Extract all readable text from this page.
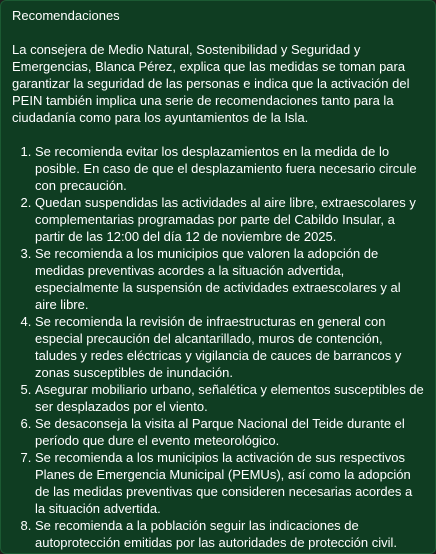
Recomendaciones

La consejera de Medio Natural, Sostenibilidad y Seguridad y Emergencias, Blanca Pérez, explica que las medidas se toman para garantizar la seguridad de las personas e indica que la activación del PEIN también implica una serie de recomendaciones tanto para la ciudadanía como para los ayuntamientos de la Isla.

1. Se recomienda evitar los desplazamientos en la medida de lo posible. En caso de que el desplazamiento fuera necesario circule con precaución.
2. Quedan suspendidas las actividades al aire libre, extraescolares y complementarias programadas por parte del Cabildo Insular, a partir de las 12:00 del día 12 de noviembre de 2025.
3. Se recomienda a los municipios que valoren la adopción de medidas preventivas acordes a la situación advertida, especialmente la suspensión de actividades extraescolares y al aire libre.
4. Se recomienda la revisión de infraestructuras en general con especial precaución del alcantarillado, muros de contención, taludes y redes eléctricas y vigilancia de cauces de barrancos y zonas susceptibles de inundación.
5. Asegurar mobiliario urbano, señalética y elementos susceptibles de ser desplazados por el viento.
6. Se desaconseja la visita al Parque Nacional del Teide durante el período que dure el evento meteorológico.
7. Se recomienda a los municipios la activación de sus respectivos Planes de Emergencia Municipal (PEMUs), así como la adopción de las medidas preventivas que consideren necesarias acordes a la situación advertida.
8. Se recomienda a la población seguir las indicaciones de autoprotección emitidas por las autoridades de protección civil.
